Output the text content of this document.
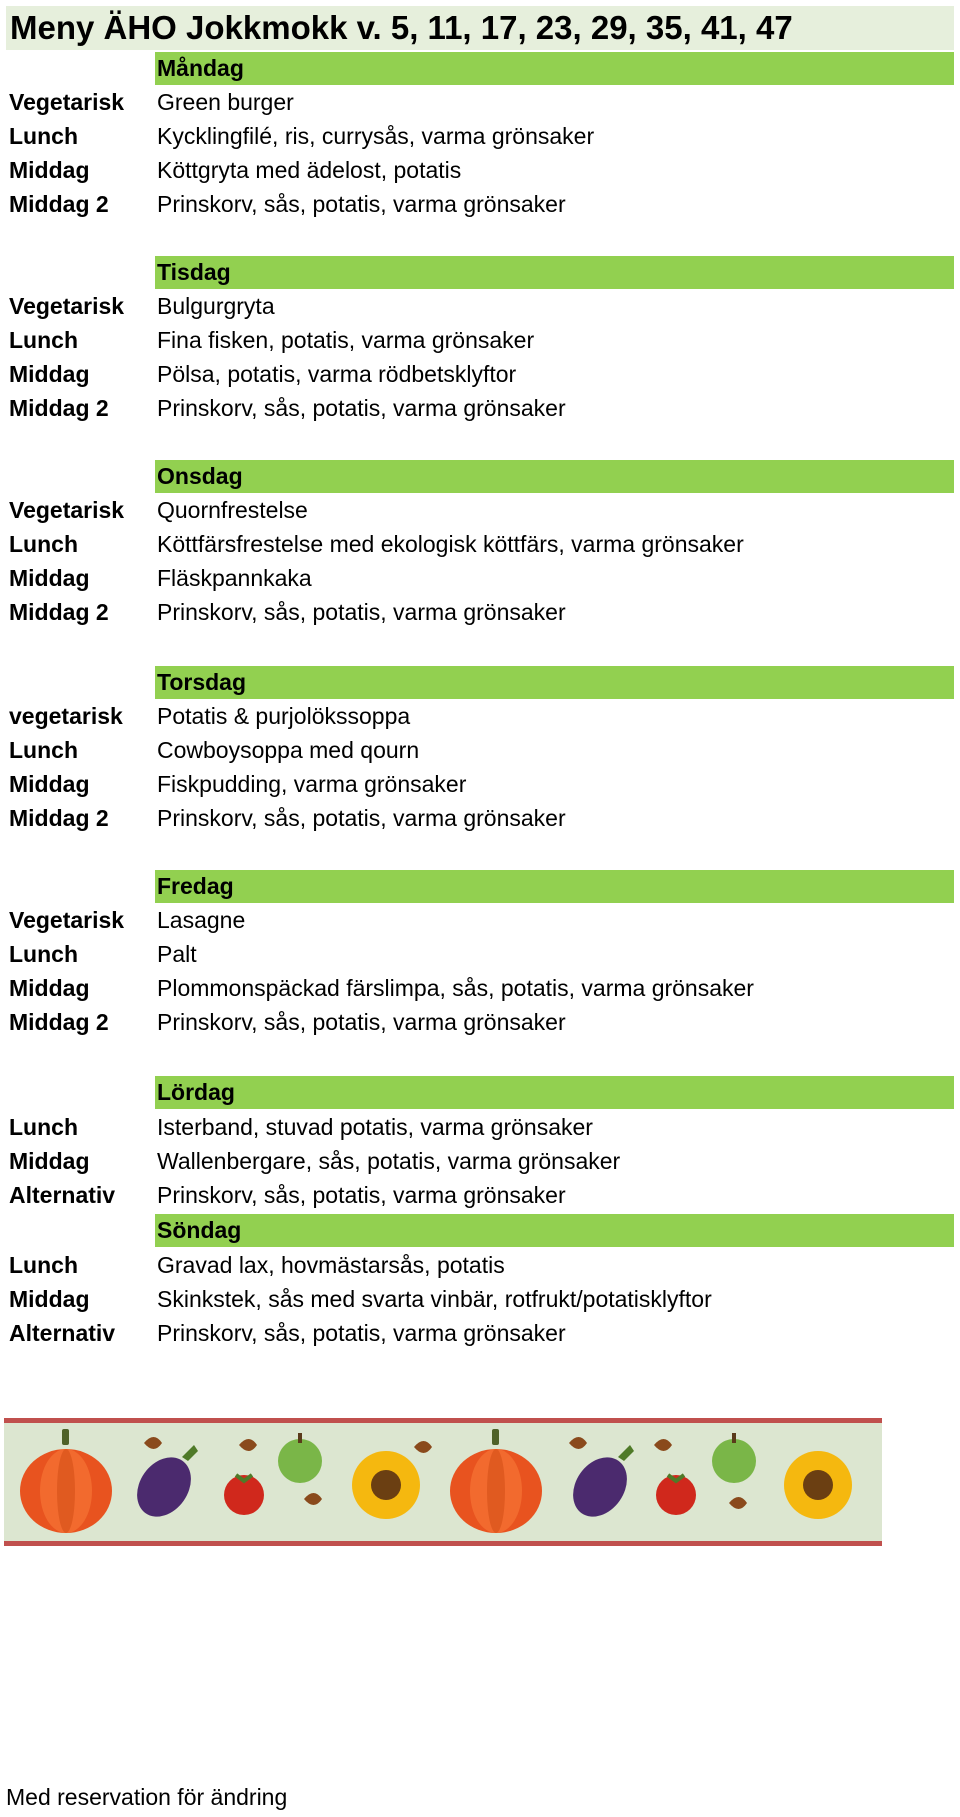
Meny ÄHO Jokkmokk v. 5, 11, 17, 23, 29, 35, 41, 47
Måndag
Vegetarisk Green burger
Lunch	Kycklingfilé, ris, currysås, varma grönsaker
Middag	Köttgryta med ädelost, potatis
Middag 2 Prinskorv, sås, potatis, varma grönsaker
Tisdag
Vegetarisk Bulgurgryta
Lunch	Fina fisken, potatis, varma grönsaker
Middag	Pölsa, potatis, varma rödbetsklyftor
Middag 2 Prinskorv, sås, potatis, varma grönsaker
Onsdag
Vegetarisk Quornfrestelse
Lunch	Köttfärsfrestelse med ekologisk köttfärs, varma grönsaker
Middag	Fläskpannkaka
Middag 2 Prinskorv, sås, potatis, varma grönsaker
Torsdag
vegetarisk Potatis & purjolökssoppa
Lunch	Cowboysoppa med qourn
Middag	Fiskpudding, varma grönsaker
Middag 2 Prinskorv, sås, potatis, varma grönsaker
Fredag
Vegetarisk Lasagne
Lunch	Palt
Middag	Plommonspäckad färslimpa, sås, potatis, varma grönsaker
Middag 2 Prinskorv, sås, potatis, varma grönsaker
Lördag
Lunch	Isterband, stuvad potatis, varma grönsaker
Middag	Wallenbergare, sås, potatis, varma grönsaker
Alternativ Prinskorv, sås, potatis, varma grönsaker
Söndag
Lunch	Gravad lax, hovmästarsås, potatis
Middag	Skinkstek, sås med svarta vinbär, rotfrukt/potatisklyftor
Alternativ Prinskorv, sås, potatis, varma grönsaker
Med reservation för ändring
